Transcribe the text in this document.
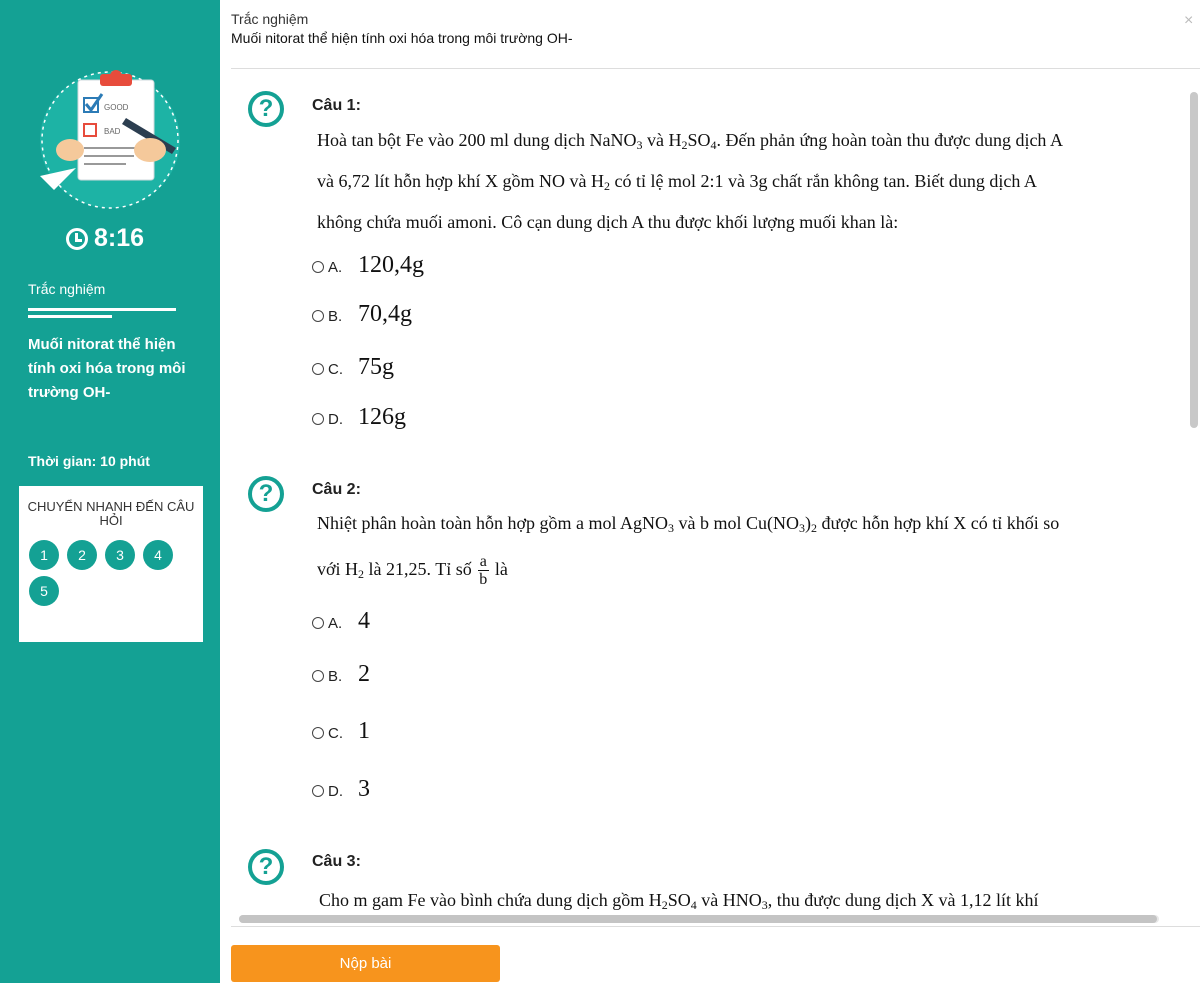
GOOD
BAD
8:16
Trắc nghiệm
Muối nitorat thể hiện tính oxi hóa trong môi trường OH-
Thời gian: 10 phút
CHUYỂN NHANH ĐẾN CÂU HỎI
1	2	3	4
5
Trắc nghiệm
Muối nitorat thể hiện tính oxi hóa trong môi trường OH-
×
?	Câu 1:
Hoà tan bột Fe vào 200 ml dung dịch NaNO$_3$ và $H_2SO_4$. Đến phản ứng hoàn toàn thu được dung dịch A
và 6,72 lít hỗn hợp khí X gồm NO và $H_2$ có tỉ lệ mol 2:1 và 3g chất rắn không tan. Biết dung dịch A
không chứa muối amoni. Cô cạn dung dịch A thu được khối lượng muối khan là:
A. 120,4g
B. 70,4g
C. 75g
D. 126g
?	Câu 2:
Nhiệt phân hoàn toàn hỗn hợp gồm a mol AgNO$_3$ và b mol $Cu(NO_3)_2$ được hỗn hợp khí X có tỉ khối so
với $H_2$ là 21,25. Tỉ số $\frac{a}{b}$ là
A. 4
B. 2
C. 1
D. 3
?	Câu 3:
Cho m gam Fe vào bình chứa dung dịch gồm $H_2SO_4$ và $HNO_3$, thu được dung dịch X và 1,12 lít khí
Nộp bài
